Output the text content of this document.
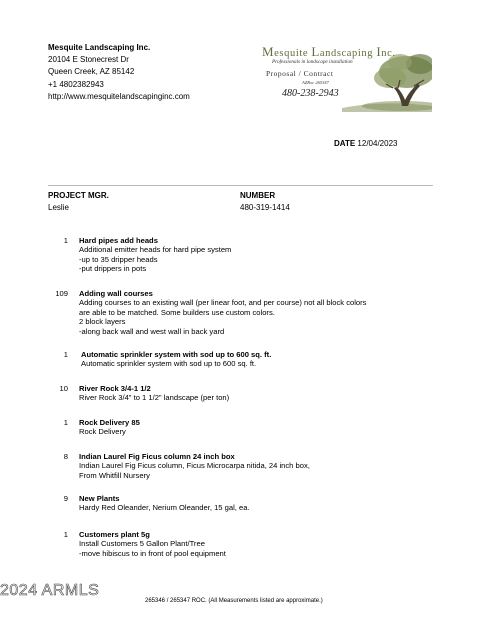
Mesquite Landscaping Inc.
20104 E Stonecrest Dr
Queen Creek, AZ 85142
+1 4802382943
http://www.mesquitelandscapinginc.com
Mesquite Landscaping Inc.
Professionals in landscape installation
Proposal / Contract
AZRoc 265347
480-238-2943
DATE 12/04/2023
PROJECT MGR.
Leslie
NUMBER
480-319-1414
1 Hard pipes add heads
Additional emitter heads for hard pipe system
-up to 35 dripper heads
-put drippers in pots
109 Adding wall courses
Adding courses to an existing wall (per linear foot, and per course) not all block colors
are able to be matched. Some builders use custom colors.
2 block layers
-along back wall and west wall in back yard
1 Automatic sprinkler system with sod up to 600 sq. ft.
Automatic sprinkler system with sod up to 600 sq. ft.
10 River Rock 3/4-1 1/2
River Rock 3/4" to 1 1/2" landscape (per ton)
1 Rock Delivery 85
Rock Delivery
8 Indian Laurel Fig Ficus column 24 inch box
Indian Laurel Fig Ficus column, Ficus Microcarpa nitida, 24 inch box,
From Whitfill Nursery
9 New Plants
Hardy Red Oleander, Nerium Oleander, 15 gal, ea.
1 Customers plant 5g
Install Customers 5 Gallon Plant/Tree
-move hibiscus to in front of pool equipment
2024 ARMLS
265346 / 265347 ROC. (All Measurements listed are approximate.)
